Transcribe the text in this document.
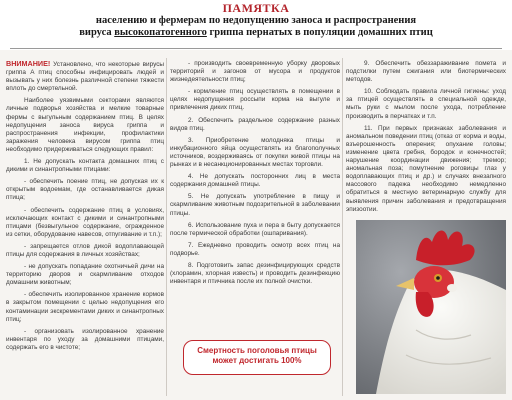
ПАМЯТКА
населению и фермерам по недопущению заноса и распространения
вируса высокопатогенного гриппа пернатых в популяции домашних птиц

ВНИМАНИЕ! Установлено, что некоторые вирусы гриппа A птиц способны инфицировать людей и вызывать у них болезнь различной степени тяжести вплоть до смертельной.

Наиболее уязвимыми секторами являются личные подворья хозяйства и мелкие товарные фермы с выгульным содержанием птиц. В целях недопущения заноса вируса гриппа и распространения инфекции, профилактики заражения человека вирусом гриппа птиц необходимо придерживаться следующих правил:

1. Не допускать контакта домашних птиц с дикими и синантропными птицами:

- обеспечить поение птиц, не допуская их к открытым водоемам, где останавливается дикая птица;

- обеспечить содержание птиц в условиях, исключающих контакт с дикими и синантропными птицами (безвыгульное содержание, огражденное из сетки, оборудование навесов, отпугивание и т.п.);

- запрещается отлов дикой водоплавающей птицы для содержания в личных хозяйствах;

- не допускать попадание охотничьей дичи на территорию дворов и скармливание отходов домашним животным;

- обеспечить изолированное хранение кормов в закрытом помещении с целью недопущения его контаминации экскрементами диких и синантропных птиц;

- организовать изолированное хранение инвентаря по уходу за домашними птицами, содержать его в чистоте;

- производить своевременную уборку дворовых территорий и загонов от мусора и продуктов жизнедеятельности птиц;

- кормление птиц осуществлять в помещении в целях недопущения россыпи корма на выгуле и привлечения диких птиц.

2. Обеспечить раздельное содержание разных видов птиц.

3. Приобретение молодняка птицы и инкубационного яйца осуществлять из благополучных источников, воздерживаясь от покупки живой птицы на рынках и в несанкционированных местах торговли.

4. Не допускать посторонних лиц в места содержания домашней птицы.

5. Не допускать употребление в пищу и скармливание животным подозрительной в заболевании птицы.

6. Использование пуха и пера в быту допускается после термической обработки (ошпаривания).

7. Ежедневно проводить осмотр всех птиц на подворье.

8. Подготовить запас дезинфицирующих средств (хлорамин, хлорная известь) и проводить дезинфекцию инвентаря и птичника после их полной очистки.

Смертность поголовья птицы
может достигать 100%

9. Обеспечить обеззараживание помета и подстилки путем сжигания или биотермических методов.

10. Соблюдать правила личной гигиены: уход за птицей осуществлять в специальной одежде, мыть руки с мылом после ухода, потребление производить в перчатках и т.п.

11. При первых признаках заболевания и аномальном поведении птиц (отказ от корма и воды, взъерошенность оперения; опухание головы; изменение цвета гребня, бородок и конечностей; нарушение координации движения; тремор; аномальная поза; помутнение роговицы глаз у водоплавающих птиц и др.) и случаях внезапного массового падежа необходимо немедленно обратиться в местную ветеринарную службу для выявления причин заболевания и предотвращения эпизоотии.
